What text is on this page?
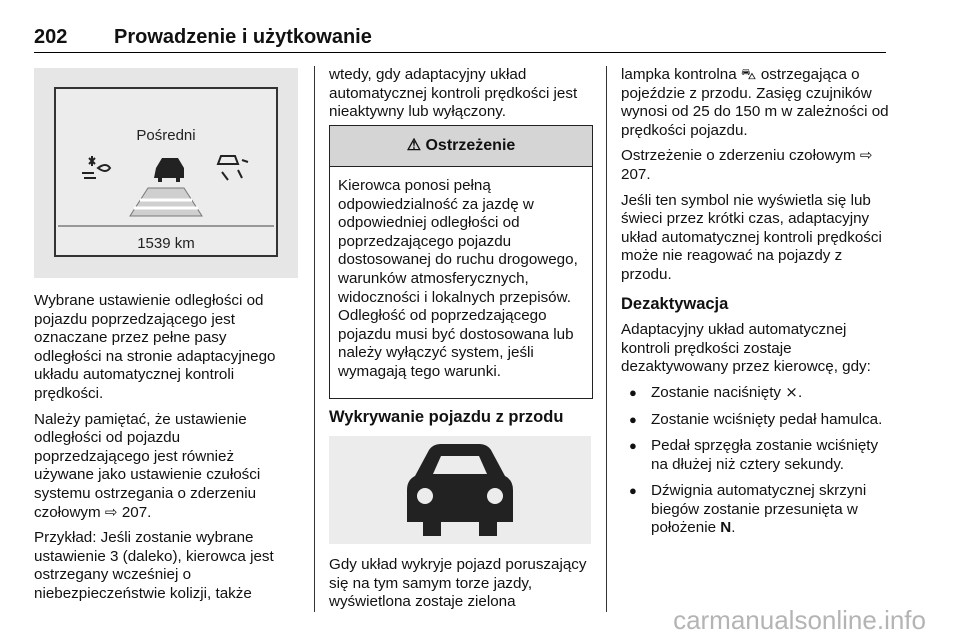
202 Prowadzenie i użytkowanie
Pośredni
1539 km

Wybrane ustawienie odległości od pojazdu poprzedzającego jest oznaczane przez pełne pasy odległości na stronie adaptacyjnego układu automatycznej kontroli prędkości.

Należy pamiętać, że ustawienie odległości od pojazdu poprzedzającego jest również używane jako ustawienie czułości systemu ostrzegania o zderzeniu czołowym ⇨ 207.

Przykład: Jeśli zostanie wybrane ustawienie 3 (daleko), kierowca jest ostrzegany wcześniej o niebezpieczeństwie kolizji, także

wtedy, gdy adaptacyjny układ automatycznej kontroli prędkości jest nieaktywny lub wyłączony.

⚠ Ostrzeżenie
Kierowca ponosi pełną odpowiedzialność za jazdę w odpowiedniej odległości od poprzedzającego pojazdu dostosowanej do ruchu drogowego, warunków atmosferycznych, widoczności i lokalnych przepisów. Odległość od poprzedzającego pojazdu musi być dostosowana lub należy wyłączyć system, jeśli wymagają tego warunki.
Wykrywanie pojazdu z przodu

Gdy układ wykryje pojazd poruszający się na tym samym torze jazdy, wyświetlona zostaje zielona

lampka kontrolna ⛍ ostrzegająca o pojeździe z przodu. Zasięg czujników wynosi od 25 do 150 m w zależności od prędkości pojazdu.

Ostrzeżenie o zderzeniu czołowym ⇨ 207.

Jeśli ten symbol nie wyświetla się lub świeci przez krótki czas, adaptacyjny układ automatycznej kontroli prędkości może nie reagować na pojazdy z przodu.

Dezaktywacja

Adaptacyjny układ automatycznej kontroli prędkości zostaje dezaktywowany przez kierowcę, gdy:

● Zostanie naciśnięty ⨯.
● Zostanie wciśnięty pedał hamulca.
● Pedał sprzęgła zostanie wciśnięty na dłużej niż cztery sekundy.
● Dźwignia automatycznej skrzyni biegów zostanie przesunięta w położenie N.
carmanualsonline.info
